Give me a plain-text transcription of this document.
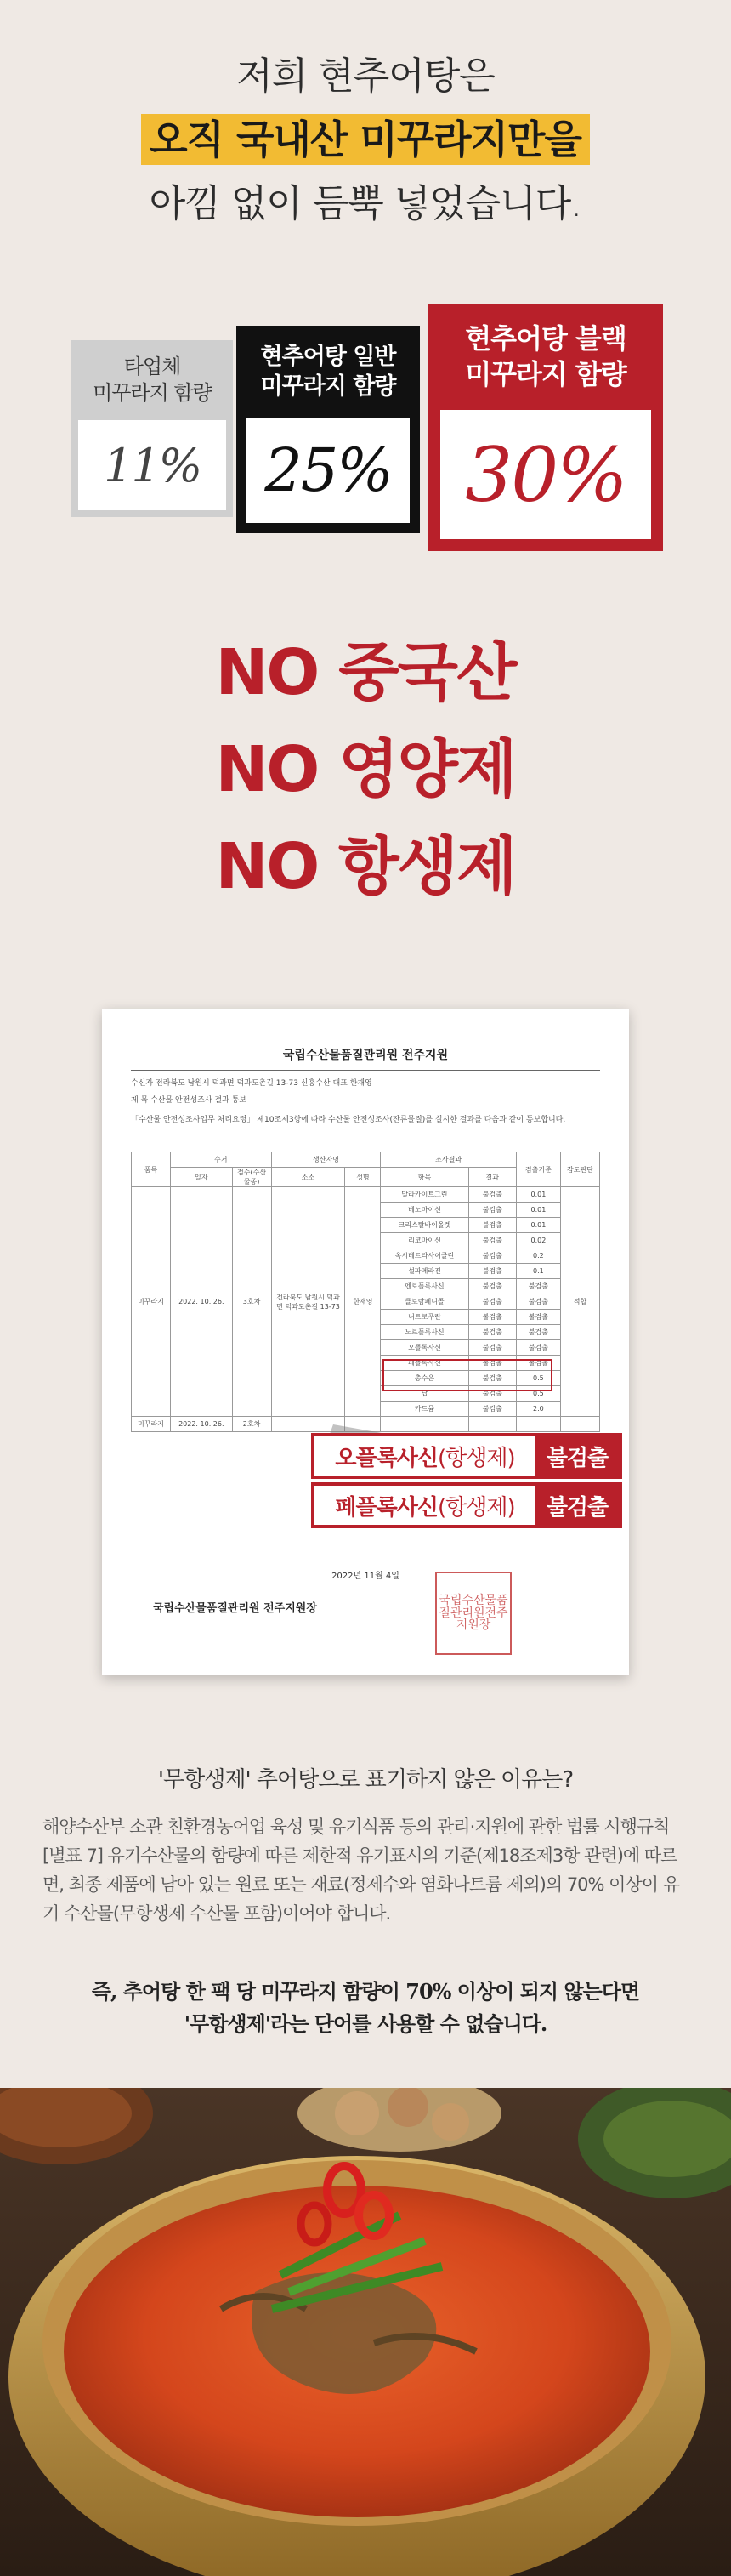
저희 현추어탕은
오직 국내산 미꾸라지만을
아낌 없이 듬뿍 넣었습니다.
타업체
미꾸라지 함량
11%
현추어탕 일반
미꾸라지 함량
25%
현추어탕 블랙
미꾸라지 함량
30%
NO 중국산
NO 영양제
NO 항생제
국립수산물품질관리원 전주지원
수신자 전라북도 남원시 덕과면 덕과도촌길 13-73 신흥수산 대표 한재영
제 목 수산물 안전성조사 결과 통보
「수산물 안전성조사업무 처리요령」 제10조제3항에 따라 수산물 안전성조사(잔류물질)를 실시한 결과를 다음과 같이 통보합니다.
품목	수거		생산자명		조사결과		검출기준	감도판단
	일자	점수(수산물종)	소소	성명	항목	결과		
미꾸라지	2022. 10. 26.	3호차	전라북도 남원시 덕과면 덕과도촌길 13-73	한재영	말라카이트그린	불검출	0.01	적합
					베노마이신	불검출	0.01	
					크리스탈바이올렛	불검출	0.01	
					리코마이신	불검출	0.02	
					옥시테트라사이클린	불검출	0.2	
					설파메라진	불검출	0.1	
					엔로플록사신	불검출	불검출	
					클로람페니콜	불검출	불검출	
					니트로푸란	불검출	불검출	
					노르플록사신	불검출	불검출	
					오플록사신	불검출	불검출	
					페플록사신	불검출	불검출	
					총수은	불검출	0.5	
					납	불검출	0.5	
					카드뮴	불검출	2.0	
미꾸라지	2022. 10. 26.	2호차						
2022년 11월 4일
국립수산물품질관리원 전주지원장
국립수 산물품
질관리 원전주
지원장
오플록사신(항생제)	불검출
페플록사신(항생제)	불검출
'무항생제' 추어탕으로 표기하지 않은 이유는?
해양수산부 소관 친환경농어업 육성 및 유기식품 등의 관리·지원에 관한 법률 시행규칙[별표 7] 유기수산물의 함량에 따른 제한적 유기표시의 기준(제18조제3항 관련)에 따르면, 최종 제품에 남아 있는 원료 또는 재료(정제수와 염화나트륨 제외)의 70% 이상이 유기 수산물(무항생제 수산물 포함)이어야 합니다.
즉, 추어탕 한 팩 당 미꾸라지 함량이 70% 이상이 되지 않는다면
'무항생제'라는 단어를 사용할 수 없습니다.
